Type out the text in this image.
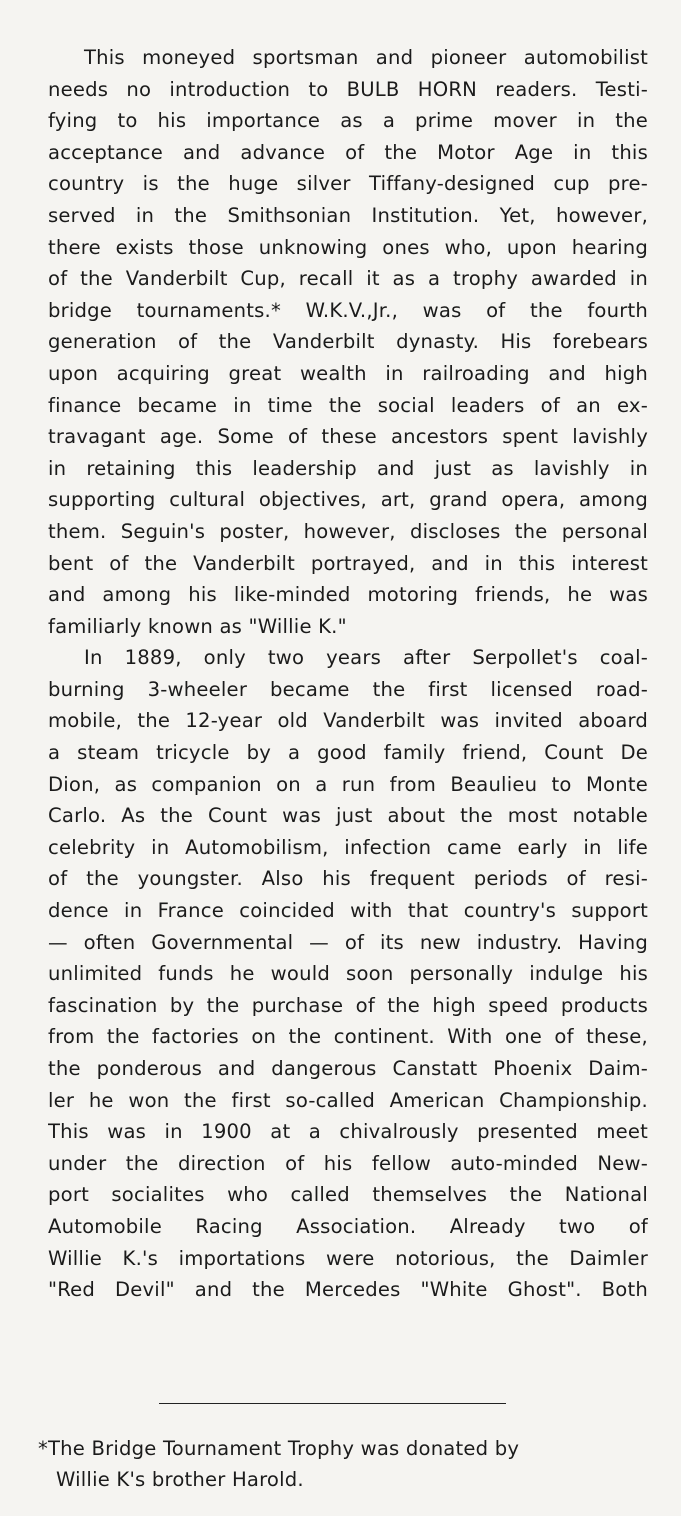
This moneyed sportsman and pioneer automobilist
needs no introduction to BULB HORN readers. Testi-
fying to his importance as a prime mover in the
acceptance and advance of the Motor Age in this
country is the huge silver Tiffany-designed cup pre-
served in the Smithsonian Institution. Yet, however,
there exists those unknowing ones who, upon hearing
of the Vanderbilt Cup, recall it as a trophy awarded in
bridge tournaments.* W.K.V.,Jr., was of the fourth
generation of the Vanderbilt dynasty. His forebears
upon acquiring great wealth in railroading and high
finance became in time the social leaders of an ex-
travagant age. Some of these ancestors spent lavishly
in retaining this leadership and just as lavishly in
supporting cultural objectives, art, grand opera, among
them. Seguin's poster, however, discloses the personal
bent of the Vanderbilt portrayed, and in this interest
and among his like-minded motoring friends, he was
familiarly known as "Willie K."
In 1889, only two years after Serpollet's coal-
burning 3-wheeler became the first licensed road-
mobile, the 12-year old Vanderbilt was invited aboard
a steam tricycle by a good family friend, Count De
Dion, as companion on a run from Beaulieu to Monte
Carlo. As the Count was just about the most notable
celebrity in Automobilism, infection came early in life
of the youngster. Also his frequent periods of resi-
dence in France coincided with that country's support
— often Governmental — of its new industry. Having
unlimited funds he would soon personally indulge his
fascination by the purchase of the high speed products
from the factories on the continent. With one of these,
the ponderous and dangerous Canstatt Phoenix Daim-
ler he won the first so-called American Championship.
This was in 1900 at a chivalrously presented meet
under the direction of his fellow auto-minded New-
port socialites who called themselves the National
Automobile Racing Association. Already two of
Willie K.'s importations were notorious, the Daimler
"Red Devil" and the Mercedes "White Ghost". Both
*The Bridge Tournament Trophy was donated by
Willie K's brother Harold.
